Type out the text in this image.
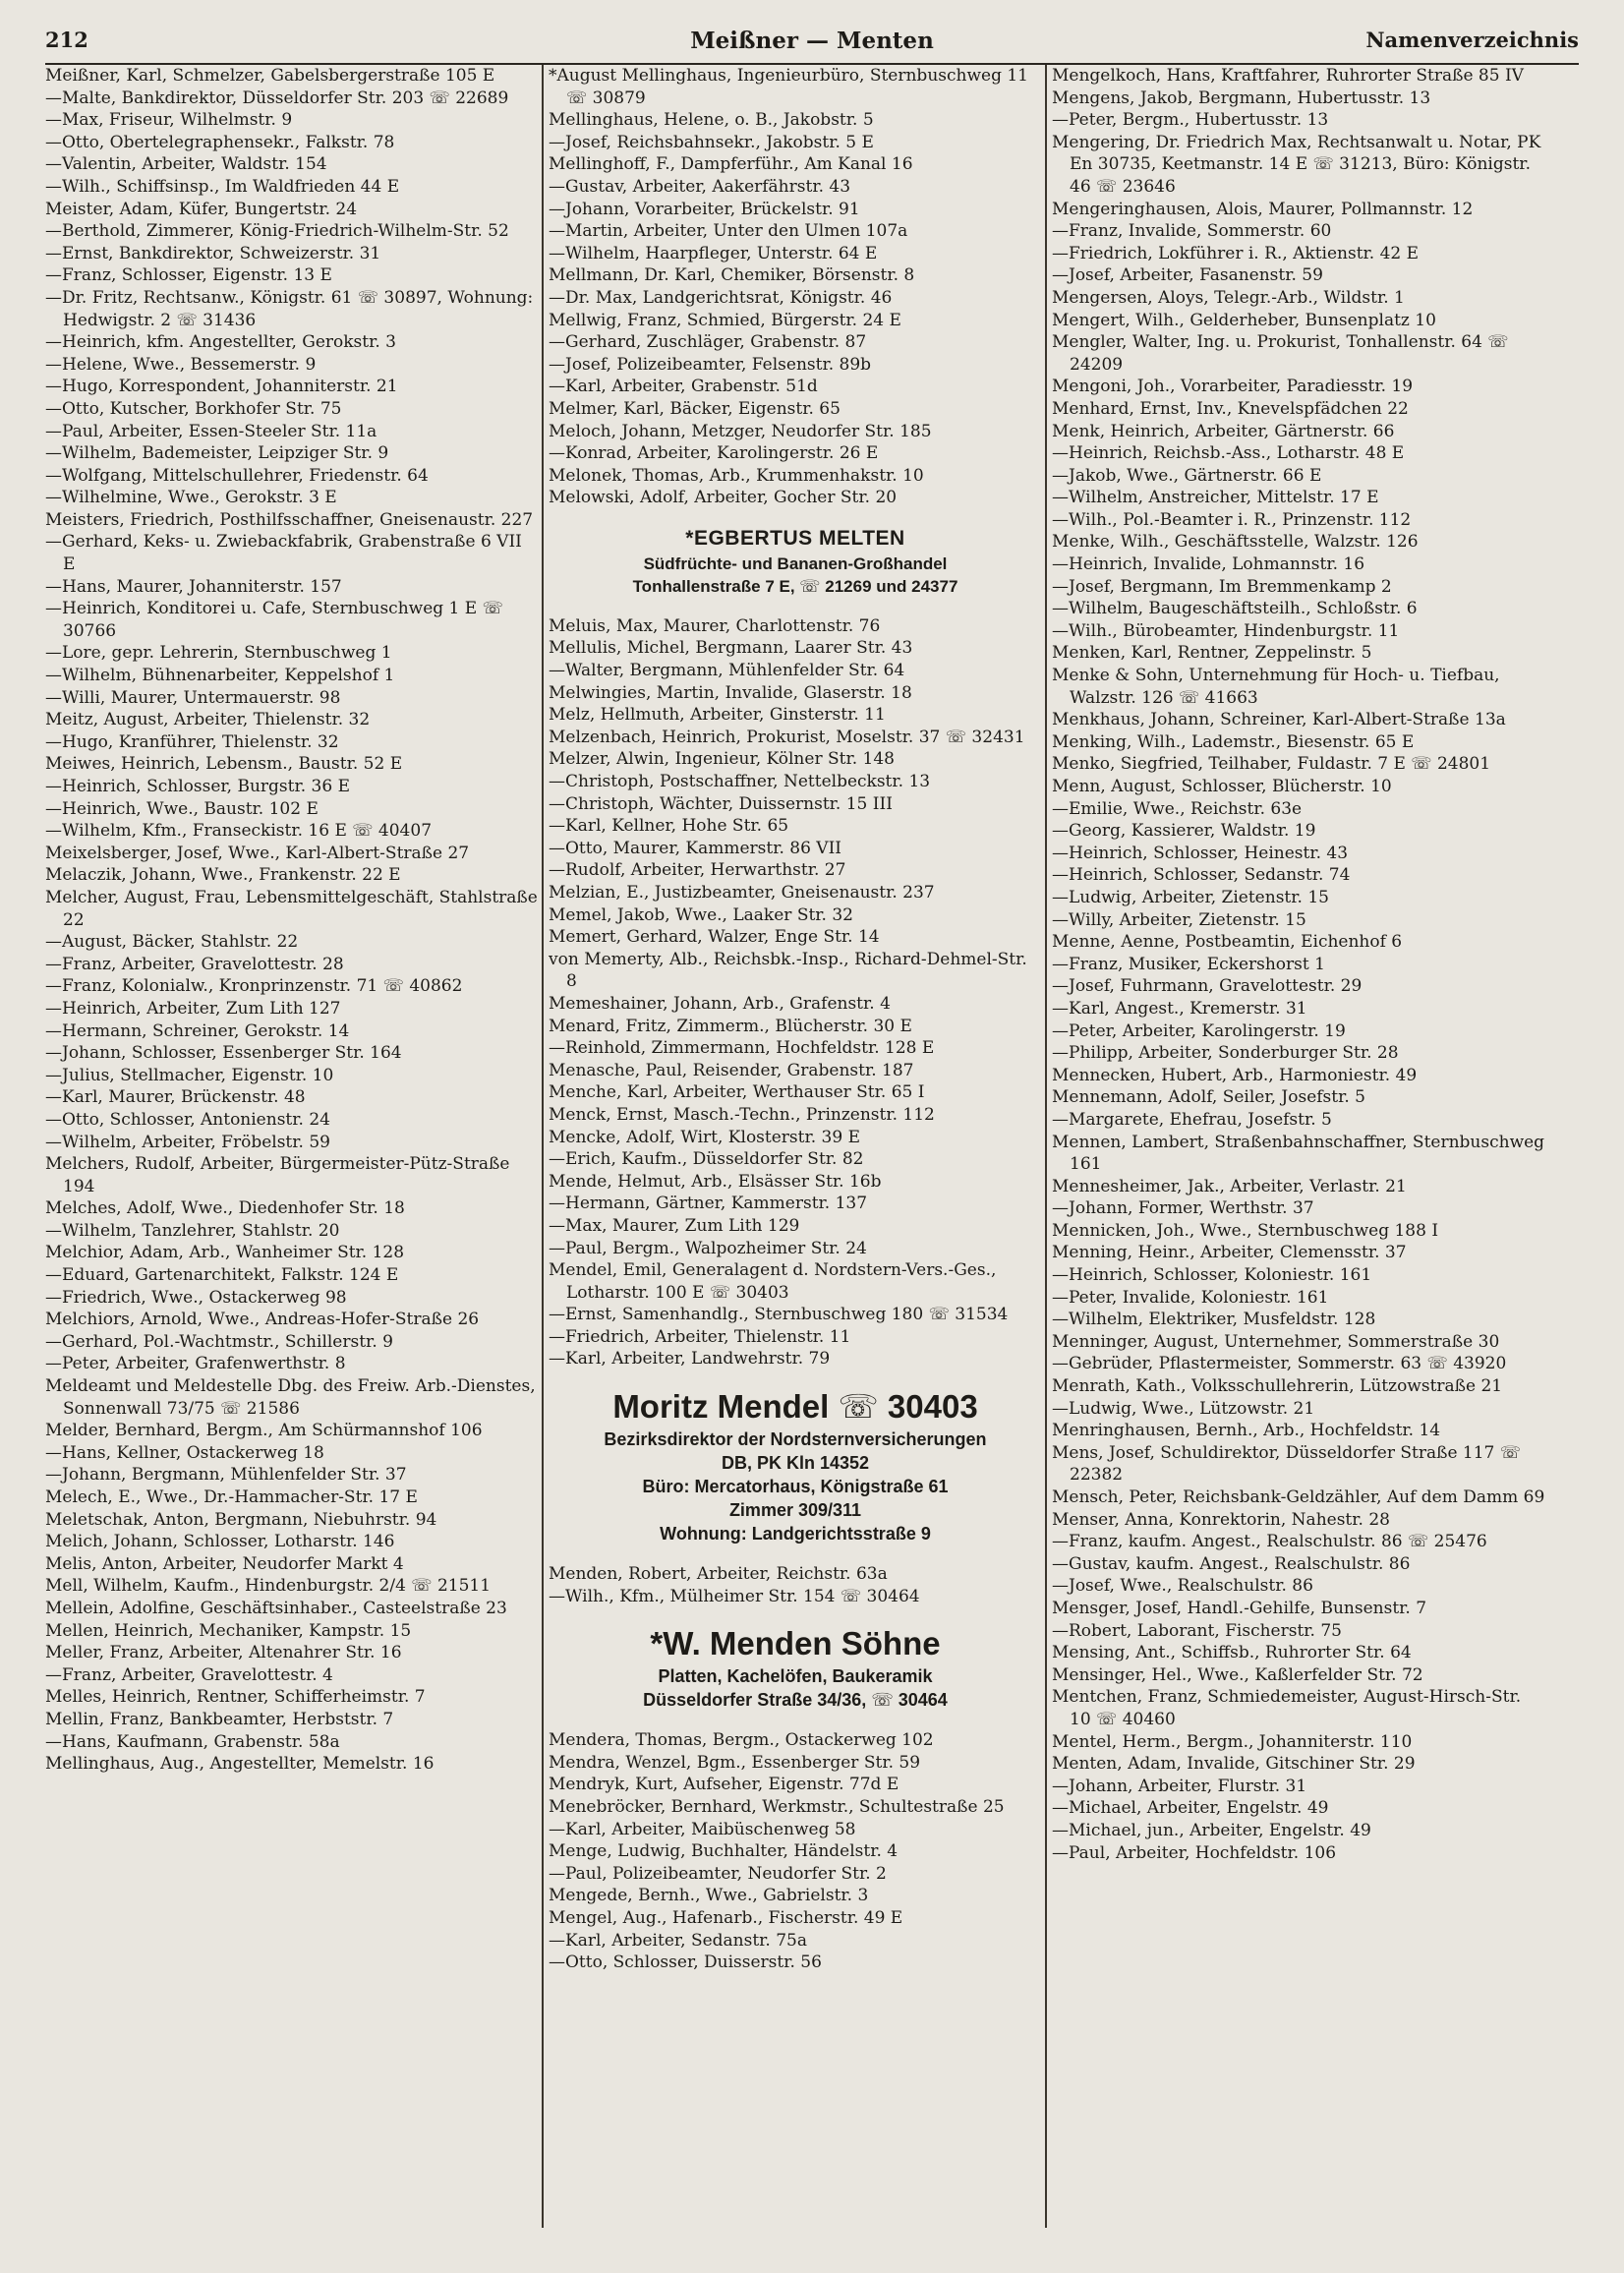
212	Meißner — Menten	Namenverzeichnis

Meißner, Karl, Schmelzer, Gabelsbergerstraße 105 E

—Malte, Bankdirektor, Düsseldorfer Str. 203 ☏ 22689

—Max, Friseur, Wilhelmstr. 9

—Otto, Obertelegraphensekr., Falkstr. 78

—Valentin, Arbeiter, Waldstr. 154

—Wilh., Schiffsinsp., Im Waldfrieden 44 E

Meister, Adam, Küfer, Bungertstr. 24

—Berthold, Zimmerer, König-Friedrich-Wilhelm-Str. 52

—Ernst, Bankdirektor, Schweizerstr. 31

—Franz, Schlosser, Eigenstr. 13 E

—Dr. Fritz, Rechtsanw., Königstr. 61 ☏ 30897, Wohnung: Hedwigstr. 2 ☏ 31436

—Heinrich, kfm. Angestellter, Gerokstr. 3

—Helene, Wwe., Bessemerstr. 9

—Hugo, Korrespondent, Johanniterstr. 21

—Otto, Kutscher, Borkhofer Str. 75

—Paul, Arbeiter, Essen-Steeler Str. 11a

—Wilhelm, Bademeister, Leipziger Str. 9

—Wolfgang, Mittelschullehrer, Friedenstr. 64

—Wilhelmine, Wwe., Gerokstr. 3 E

Meisters, Friedrich, Posthilfsschaffner, Gneisenaustr. 227

—Gerhard, Keks- u. Zwiebackfabrik, Grabenstraße 6 VII E

—Hans, Maurer, Johanniterstr. 157

—Heinrich, Konditorei u. Cafe, Sternbuschweg 1 E ☏ 30766

—Lore, gepr. Lehrerin, Sternbuschweg 1

—Wilhelm, Bühnenarbeiter, Keppelshof 1

—Willi, Maurer, Untermauerstr. 98

Meitz, August, Arbeiter, Thielenstr. 32

—Hugo, Kranführer, Thielenstr. 32

Meiwes, Heinrich, Lebensm., Baustr. 52 E

—Heinrich, Schlosser, Burgstr. 36 E

—Heinrich, Wwe., Baustr. 102 E

—Wilhelm, Kfm., Franseckistr. 16 E ☏ 40407

Meixelsberger, Josef, Wwe., Karl-Albert-Straße 27

Melaczik, Johann, Wwe., Frankenstr. 22 E

Melcher, August, Frau, Lebensmittelgeschäft, Stahlstraße 22

—August, Bäcker, Stahlstr. 22

—Franz, Arbeiter, Gravelottestr. 28

—Franz, Kolonialw., Kronprinzenstr. 71 ☏ 40862

—Heinrich, Arbeiter, Zum Lith 127

—Hermann, Schreiner, Gerokstr. 14

—Johann, Schlosser, Essenberger Str. 164

—Julius, Stellmacher, Eigenstr. 10

—Karl, Maurer, Brückenstr. 48

—Otto, Schlosser, Antonienstr. 24

—Wilhelm, Arbeiter, Fröbelstr. 59

Melchers, Rudolf, Arbeiter, Bürgermeister-Pütz-Straße 194

Melches, Adolf, Wwe., Diedenhofer Str. 18

—Wilhelm, Tanzlehrer, Stahlstr. 20

Melchior, Adam, Arb., Wanheimer Str. 128

—Eduard, Gartenarchitekt, Falkstr. 124 E

—Friedrich, Wwe., Ostackerweg 98

Melchiors, Arnold, Wwe., Andreas-Hofer-Straße 26

—Gerhard, Pol.-Wachtmstr., Schillerstr. 9

—Peter, Arbeiter, Grafenwerthstr. 8

Meldeamt und Meldestelle Dbg. des Freiw. Arb.-Dienstes, Sonnenwall 73/75 ☏ 21586

Melder, Bernhard, Bergm., Am Schürmannshof 106

—Hans, Kellner, Ostackerweg 18

—Johann, Bergmann, Mühlenfelder Str. 37

Melech, E., Wwe., Dr.-Hammacher-Str. 17 E

Meletschak, Anton, Bergmann, Niebuhrstr. 94

Melich, Johann, Schlosser, Lotharstr. 146

Melis, Anton, Arbeiter, Neudorfer Markt 4

Mell, Wilhelm, Kaufm., Hindenburgstr. 2/4 ☏ 21511

Mellein, Adolfine, Geschäftsinhaber., Casteelstraße 23

Mellen, Heinrich, Mechaniker, Kampstr. 15

Meller, Franz, Arbeiter, Altenahrer Str. 16

—Franz, Arbeiter, Gravelottestr. 4

Melles, Heinrich, Rentner, Schifferheimstr. 7

Mellin, Franz, Bankbeamter, Herbststr. 7

—Hans, Kaufmann, Grabenstr. 58a

Mellinghaus, Aug., Angestellter, Memelstr. 16

*August Mellinghaus, Ingenieurbüro, Sternbuschweg 11 ☏ 30879

Mellinghaus, Helene, o. B., Jakobstr. 5

—Josef, Reichsbahnsekr., Jakobstr. 5 E

Mellinghoff, F., Dampferführ., Am Kanal 16

—Gustav, Arbeiter, Aakerfährstr. 43

—Johann, Vorarbeiter, Brückelstr. 91

—Martin, Arbeiter, Unter den Ulmen 107a

—Wilhelm, Haarpfleger, Unterstr. 64 E

Mellmann, Dr. Karl, Chemiker, Börsenstr. 8

—Dr. Max, Landgerichtsrat, Königstr. 46

Mellwig, Franz, Schmied, Bürgerstr. 24 E

—Gerhard, Zuschläger, Grabenstr. 87

—Josef, Polizeibeamter, Felsenstr. 89b

—Karl, Arbeiter, Grabenstr. 51d

Melmer, Karl, Bäcker, Eigenstr. 65

Meloch, Johann, Metzger, Neudorfer Str. 185

—Konrad, Arbeiter, Karolingerstr. 26 E

Melonek, Thomas, Arb., Krummenhakstr. 10

Melowski, Adolf, Arbeiter, Gocher Str. 20

*EGBERTUS MELTEN
Südfrüchte- und Bananen-Großhandel
Tonhallenstraße 7 E, ☏ 21269 und 24377

Meluis, Max, Maurer, Charlottenstr. 76

Mellulis, Michel, Bergmann, Laarer Str. 43

—Walter, Bergmann, Mühlenfelder Str. 64

Melwingies, Martin, Invalide, Glaserstr. 18

Melz, Hellmuth, Arbeiter, Ginsterstr. 11

Melzenbach, Heinrich, Prokurist, Moselstr. 37 ☏ 32431

Melzer, Alwin, Ingenieur, Kölner Str. 148

—Christoph, Postschaffner, Nettelbeckstr. 13

—Christoph, Wächter, Duissernstr. 15 III

—Karl, Kellner, Hohe Str. 65

—Otto, Maurer, Kammerstr. 86 VII

—Rudolf, Arbeiter, Herwarthstr. 27

Melzian, E., Justizbeamter, Gneisenaustr. 237

Memel, Jakob, Wwe., Laaker Str. 32

Memert, Gerhard, Walzer, Enge Str. 14

von Memerty, Alb., Reichsbk.-Insp., Richard-Dehmel-Str. 8

Memeshainer, Johann, Arb., Grafenstr. 4

Menard, Fritz, Zimmerm., Blücherstr. 30 E

—Reinhold, Zimmermann, Hochfeldstr. 128 E

Menasche, Paul, Reisender, Grabenstr. 187

Menche, Karl, Arbeiter, Werthauser Str. 65 I

Menck, Ernst, Masch.-Techn., Prinzenstr. 112

Mencke, Adolf, Wirt, Klosterstr. 39 E

—Erich, Kaufm., Düsseldorfer Str. 82

Mende, Helmut, Arb., Elsässer Str. 16b

—Hermann, Gärtner, Kammerstr. 137

—Max, Maurer, Zum Lith 129

—Paul, Bergm., Walpozheimer Str. 24

Mendel, Emil, Generalagent d. Nordstern-Vers.-Ges., Lotharstr. 100 E ☏ 30403

—Ernst, Samenhandlg., Sternbuschweg 180 ☏ 31534

—Friedrich, Arbeiter, Thielenstr. 11

—Karl, Arbeiter, Landwehrstr. 79

Moritz Mendel ☏ 30403
Bezirksdirektor der Nordsternversicherungen
DB, PK Kln 14352
Büro: Mercatorhaus, Königstraße 61
Zimmer 309/311
Wohnung: Landgerichtsstraße 9

Menden, Robert, Arbeiter, Reichstr. 63a

—Wilh., Kfm., Mülheimer Str. 154 ☏ 30464

*W. Menden Söhne
Platten, Kachelöfen, Baukeramik
Düsseldorfer Straße 34/36, ☏ 30464

Mendera, Thomas, Bergm., Ostackerweg 102

Mendra, Wenzel, Bgm., Essenberger Str. 59

Mendryk, Kurt, Aufseher, Eigenstr. 77d E

Menebröcker, Bernhard, Werkmstr., Schultestraße 25

—Karl, Arbeiter, Maibüschenweg 58

Menge, Ludwig, Buchhalter, Händelstr. 4

—Paul, Polizeibeamter, Neudorfer Str. 2

Mengede, Bernh., Wwe., Gabrielstr. 3

Mengel, Aug., Hafenarb., Fischerstr. 49 E

—Karl, Arbeiter, Sedanstr. 75a

—Otto, Schlosser, Duisserstr. 56

Mengelkoch, Hans, Kraftfahrer, Ruhrorter Straße 85 IV

Mengens, Jakob, Bergmann, Hubertusstr. 13

—Peter, Bergm., Hubertusstr. 13

Mengering, Dr. Friedrich Max, Rechtsanwalt u. Notar, PK En 30735, Keetmanstr. 14 E ☏ 31213, Büro: Königstr. 46 ☏ 23646

Mengeringhausen, Alois, Maurer, Pollmannstr. 12

—Franz, Invalide, Sommerstr. 60

—Friedrich, Lokführer i. R., Aktienstr. 42 E

—Josef, Arbeiter, Fasanenstr. 59

Mengersen, Aloys, Telegr.-Arb., Wildstr. 1

Mengert, Wilh., Gelderheber, Bunsenplatz 10

Mengler, Walter, Ing. u. Prokurist, Tonhallenstr. 64 ☏ 24209

Mengoni, Joh., Vorarbeiter, Paradiesstr. 19

Menhard, Ernst, Inv., Knevelspfädchen 22

Menk, Heinrich, Arbeiter, Gärtnerstr. 66

—Heinrich, Reichsb.-Ass., Lotharstr. 48 E

—Jakob, Wwe., Gärtnerstr. 66 E

—Wilhelm, Anstreicher, Mittelstr. 17 E

—Wilh., Pol.-Beamter i. R., Prinzenstr. 112

Menke, Wilh., Geschäftsstelle, Walzstr. 126

—Heinrich, Invalide, Lohmannstr. 16

—Josef, Bergmann, Im Bremmenkamp 2

—Wilhelm, Baugeschäftsteilh., Schloßstr. 6

—Wilh., Bürobeamter, Hindenburgstr. 11

Menken, Karl, Rentner, Zeppelinstr. 5

Menke & Sohn, Unternehmung für Hoch- u. Tiefbau, Walzstr. 126 ☏ 41663

Menkhaus, Johann, Schreiner, Karl-Albert-Straße 13a

Menking, Wilh., Lademstr., Biesenstr. 65 E

Menko, Siegfried, Teilhaber, Fuldastr. 7 E ☏ 24801

Menn, August, Schlosser, Blücherstr. 10

—Emilie, Wwe., Reichstr. 63e

—Georg, Kassierer, Waldstr. 19

—Heinrich, Schlosser, Heinestr. 43

—Heinrich, Schlosser, Sedanstr. 74

—Ludwig, Arbeiter, Zietenstr. 15

—Willy, Arbeiter, Zietenstr. 15

Menne, Aenne, Postbeamtin, Eichenhof 6

—Franz, Musiker, Eckershorst 1

—Josef, Fuhrmann, Gravelottestr. 29

—Karl, Angest., Kremerstr. 31

—Peter, Arbeiter, Karolingerstr. 19

—Philipp, Arbeiter, Sonderburger Str. 28

Mennecken, Hubert, Arb., Harmoniestr. 49

Mennemann, Adolf, Seiler, Josefstr. 5

—Margarete, Ehefrau, Josefstr. 5

Mennen, Lambert, Straßenbahnschaffner, Sternbuschweg 161

Mennesheimer, Jak., Arbeiter, Verlastr. 21

—Johann, Former, Werthstr. 37

Mennicken, Joh., Wwe., Sternbuschweg 188 I

Menning, Heinr., Arbeiter, Clemensstr. 37

—Heinrich, Schlosser, Koloniestr. 161

—Peter, Invalide, Koloniestr. 161

—Wilhelm, Elektriker, Musfeldstr. 128

Menninger, August, Unternehmer, Sommerstraße 30

—Gebrüder, Pflastermeister, Sommerstr. 63 ☏ 43920

Menrath, Kath., Volksschullehrerin, Lützowstraße 21

—Ludwig, Wwe., Lützowstr. 21

Menringhausen, Bernh., Arb., Hochfeldstr. 14

Mens, Josef, Schuldirektor, Düsseldorfer Straße 117 ☏ 22382

Mensch, Peter, Reichsbank-Geldzähler, Auf dem Damm 69

Menser, Anna, Konrektorin, Nahestr. 28

—Franz, kaufm. Angest., Realschulstr. 86 ☏ 25476

—Gustav, kaufm. Angest., Realschulstr. 86

—Josef, Wwe., Realschulstr. 86

Mensger, Josef, Handl.-Gehilfe, Bunsenstr. 7

—Robert, Laborant, Fischerstr. 75

Mensing, Ant., Schiffsb., Ruhrorter Str. 64

Mensinger, Hel., Wwe., Kaßlerfelder Str. 72

Mentchen, Franz, Schmiedemeister, August-Hirsch-Str. 10 ☏ 40460

Mentel, Herm., Bergm., Johanniterstr. 110

Menten, Adam, Invalide, Gitschiner Str. 29

—Johann, Arbeiter, Flurstr. 31

—Michael, Arbeiter, Engelstr. 49

—Michael, jun., Arbeiter, Engelstr. 49

—Paul, Arbeiter, Hochfeldstr. 106
